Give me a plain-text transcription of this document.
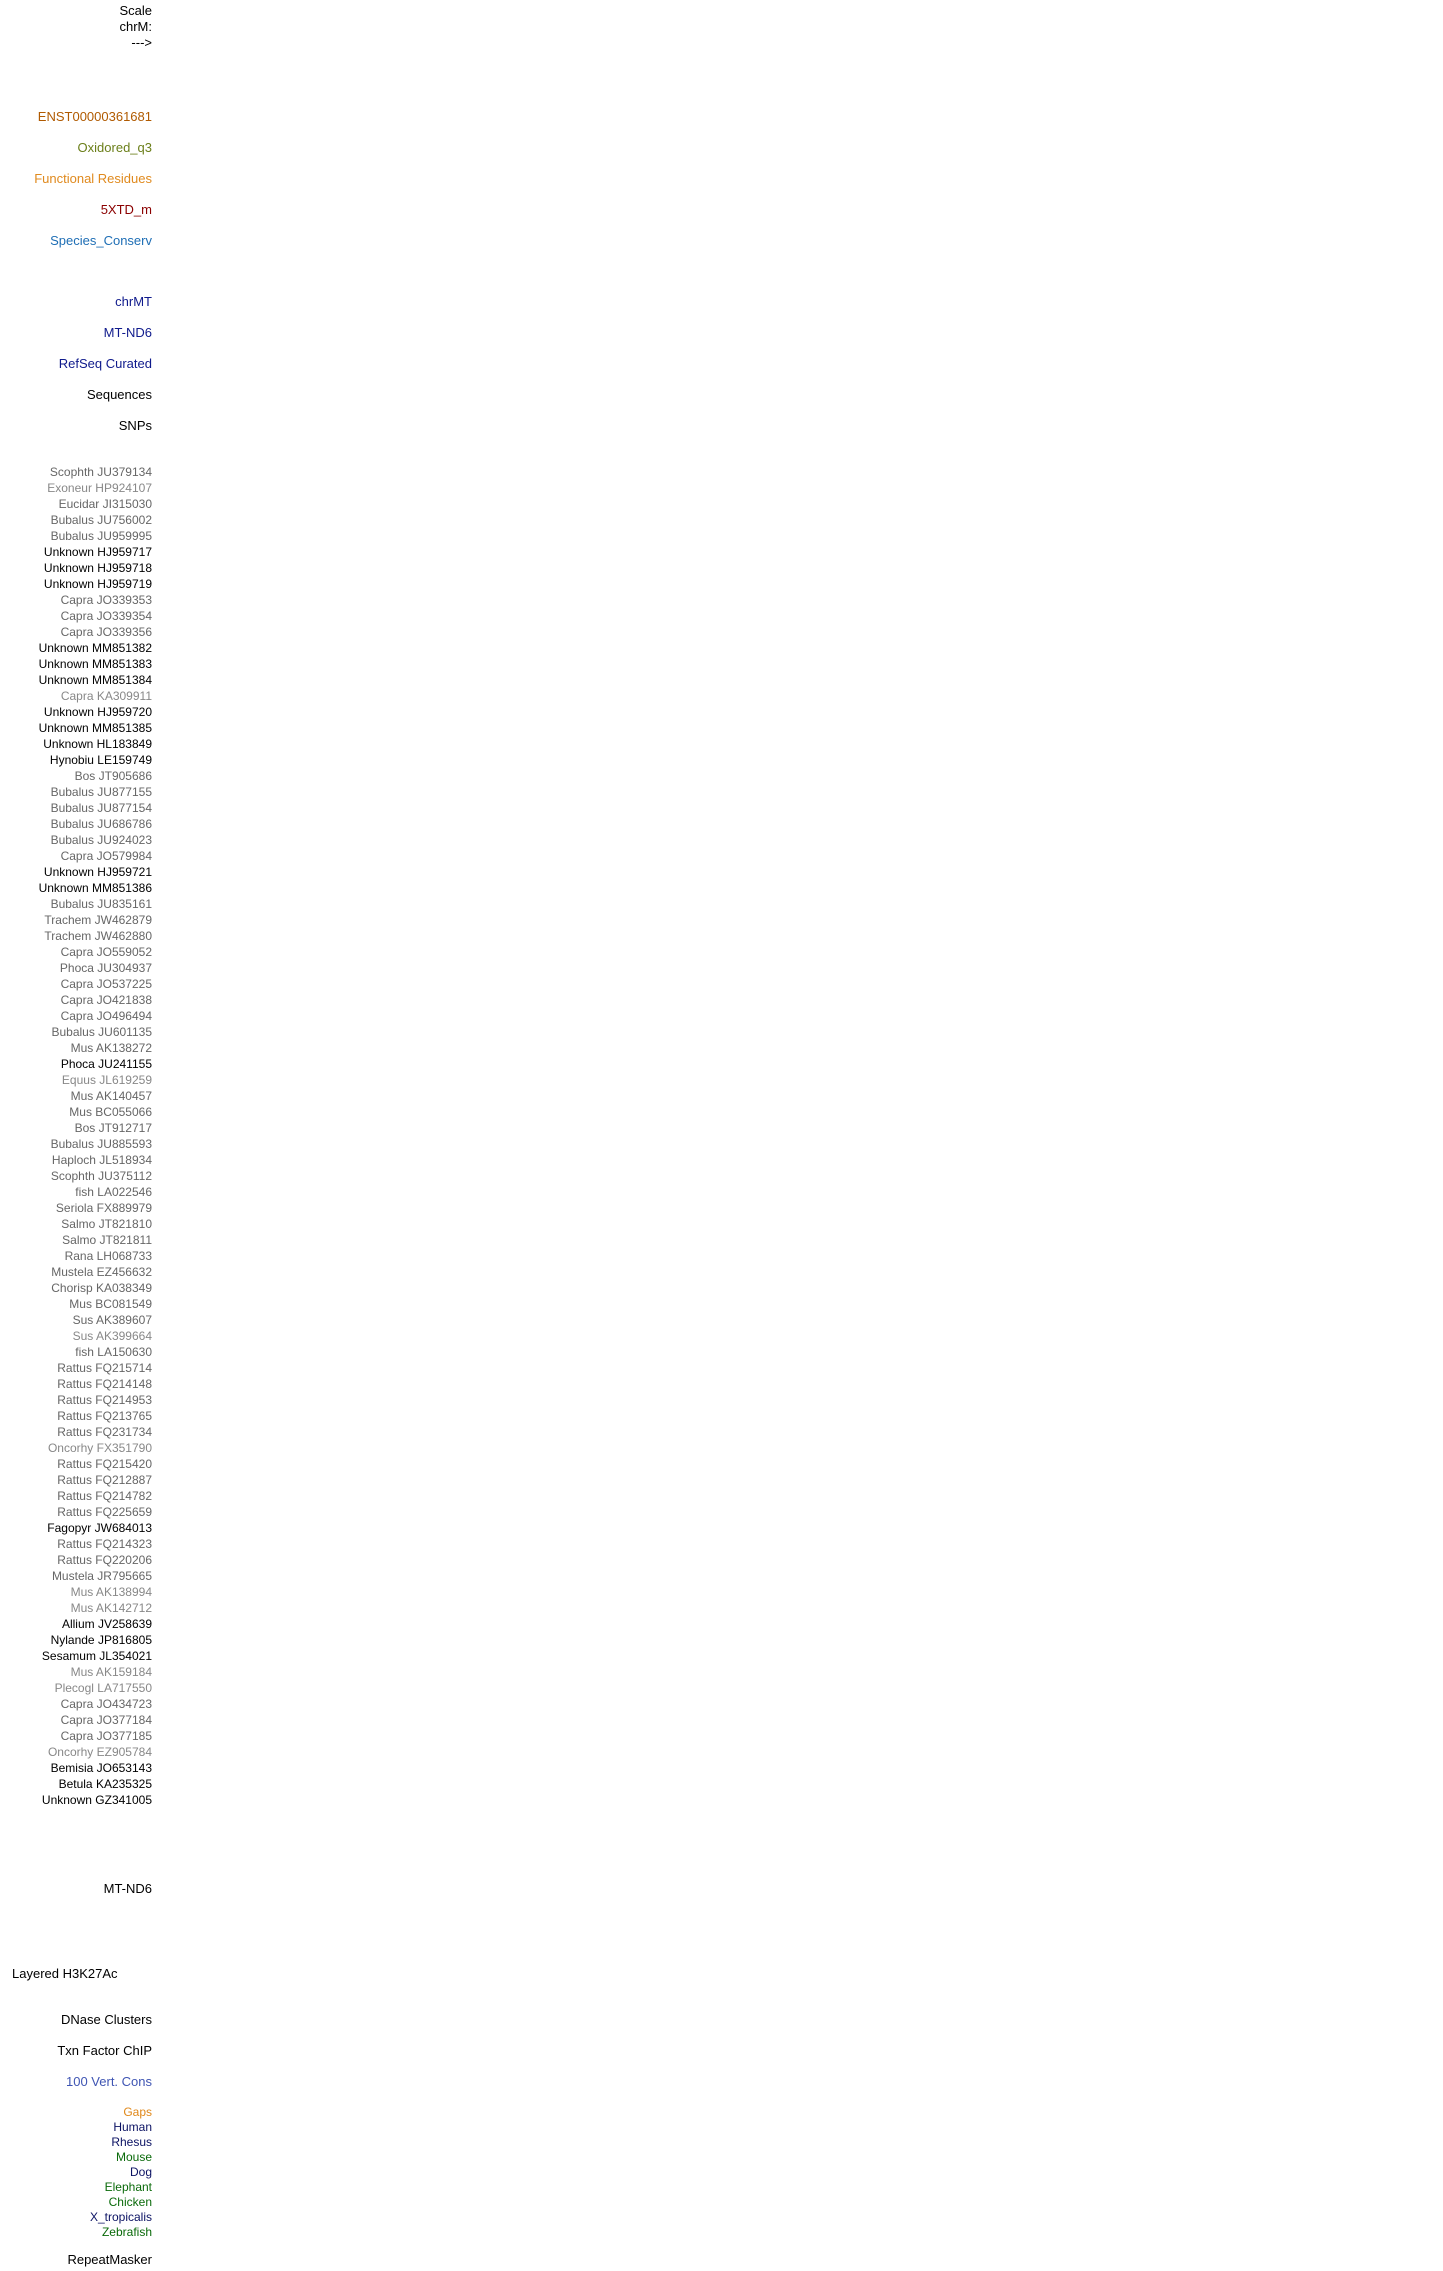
Scale
chrM:
--->
ENST00000361681
Oxidored_q3
Functional Residues
5XTD_m
Species_Conserv
chrMT
MT-ND6
RefSeq Curated
Sequences
SNPs
Scophth JU379134
Exoneur HP924107
Eucidar JI315030
Bubalus JU756002
Bubalus JU959995
Unknown HJ959717
Unknown HJ959718
Unknown HJ959719
Capra JO339353
Capra JO339354
Capra JO339356
Unknown MM851382
Unknown MM851383
Unknown MM851384
Capra KA309911
Unknown HJ959720
Unknown MM851385
Unknown HL183849
Hynobiu LE159749
Bos JT905686
Bubalus JU877155
Bubalus JU877154
Bubalus JU686786
Bubalus JU924023
Capra JO579984
Unknown HJ959721
Unknown MM851386
Bubalus JU835161
Trachem JW462879
Trachem JW462880
Capra JO559052
Phoca JU304937
Capra JO537225
Capra JO421838
Capra JO496494
Bubalus JU601135
Mus AK138272
Phoca JU241155
Equus JL619259
Mus AK140457
Mus BC055066
Bos JT912717
Bubalus JU885593
Haploch JL518934
Scophth JU375112
fish LA022546
Seriola FX889979
Salmo JT821810
Salmo JT821811
Rana LH068733
Mustela EZ456632
Chorisp KA038349
Mus BC081549
Sus AK389607
Sus AK399664
fish LA150630
Rattus FQ215714
Rattus FQ214148
Rattus FQ214953
Rattus FQ213765
Rattus FQ231734
Oncorhy FX351790
Rattus FQ215420
Rattus FQ212887
Rattus FQ214782
Rattus FQ225659
Fagopyr JW684013
Rattus FQ214323
Rattus FQ220206
Mustela JR795665
Mus AK138994
Mus AK142712
Allium JV258639
Nylande JP816805
Sesamum JL354021
Mus AK159184
Plecogl LA717550
Capra JO434723
Capra JO377184
Capra JO377185
Oncorhy EZ905784
Bemisia JO653143
Betula KA235325
Unknown GZ341005
MT-ND6
Layered H3K27Ac
DNase Clusters
Txn Factor ChIP
100 Vert. Cons
Gaps
Human
Rhesus
Mouse
Dog
Elephant
Chicken
X_tropicalis
Zebrafish
RepeatMasker
